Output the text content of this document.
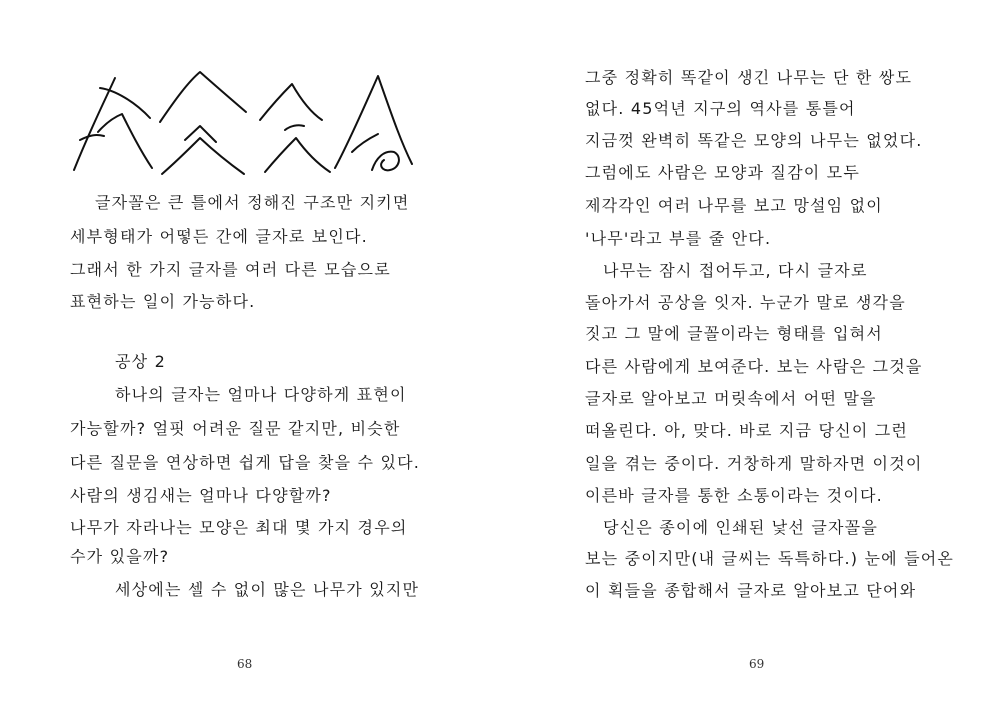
글자꼴은 큰 틀에서 정해진 구조만 지키면
세부형태가 어떻든 간에 글자로 보인다.
그래서 한 가지 글자를 여러 다른 모습으로
표현하는 일이 가능하다.
공상 2
하나의 글자는 얼마나 다양하게 표현이
가능할까? 얼핏 어려운 질문 같지만, 비슷한
다른 질문을 연상하면 쉽게 답을 찾을 수 있다.
사람의 생김새는 얼마나 다양할까?
나무가 자라나는 모양은 최대 몇 가지 경우의
수가 있을까?
세상에는 셀 수 없이 많은 나무가 있지만
68
그중 정확히 똑같이 생긴 나무는 단 한 쌍도
없다. 45억년 지구의 역사를 통틀어
지금껏 완벽히 똑같은 모양의 나무는 없었다.
그럼에도 사람은 모양과 질감이 모두
제각각인 여러 나무를 보고 망설임 없이
'나무'라고 부를 줄 안다.
나무는 잠시 접어두고, 다시 글자로
돌아가서 공상을 잇자. 누군가 말로 생각을
짓고 그 말에 글꼴이라는 형태를 입혀서
다른 사람에게 보여준다. 보는 사람은 그것을
글자로 알아보고 머릿속에서 어떤 말을
떠올린다. 아, 맞다. 바로 지금 당신이 그런
일을 겪는 중이다. 거창하게 말하자면 이것이
이른바 글자를 통한 소통이라는 것이다.
당신은 종이에 인쇄된 낯선 글자꼴을
보는 중이지만(내 글씨는 독특하다.) 눈에 들어온
이 획들을 종합해서 글자로 알아보고 단어와
69
